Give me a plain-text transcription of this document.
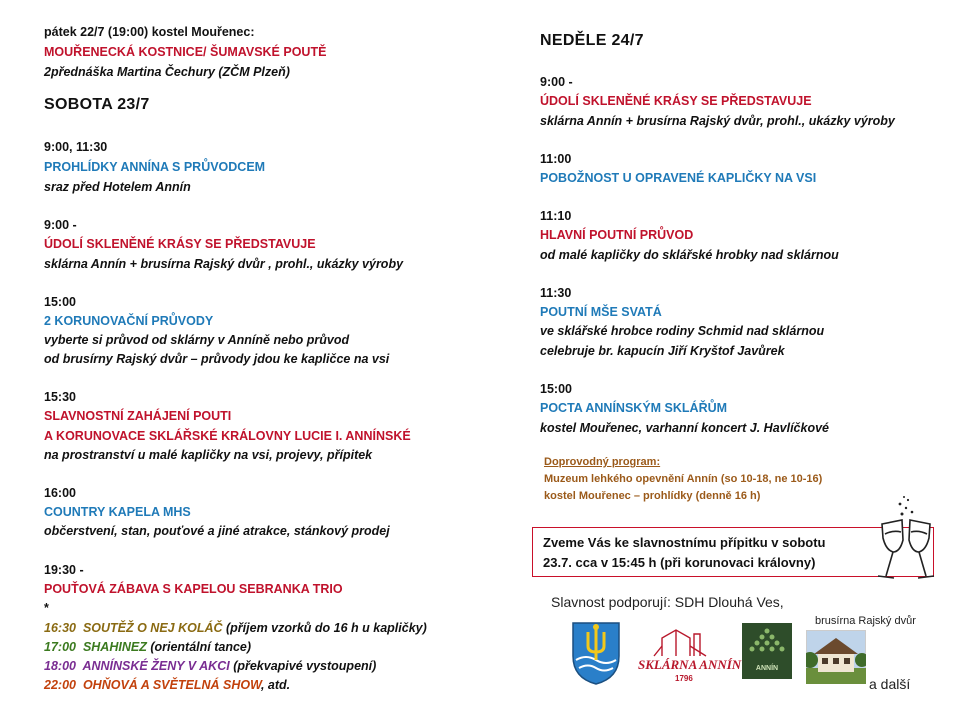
pátek 22/7 (19:00) kostel Mouřenec:
MOUŘENECKÁ KOSTNICE/ ŠUMAVSKÉ POUTĚ
2přednáška Martina Čechury (ZČM Plzeň)
SOBOTA 23/7
9:00, 11:30
PROHLÍDKY ANNÍNA S PRŮVODCEM
sraz před Hotelem Annín
9:00 -
ÚDOLÍ SKLENĚNÉ KRÁSY SE PŘEDSTAVUJE
sklárna Annín + brusírna Rajský dvůr , prohl., ukázky výroby
15:00
2 KORUNOVAČNÍ PRŮVODY
vyberte si průvod od sklárny v Anníně nebo průvod
od brusírny Rajský dvůr – průvody jdou ke kapličce na vsi
15:30
SLAVNOSTNÍ ZAHÁJENÍ POUTI
A KORUNOVACE SKLÁŘSKÉ KRÁLOVNY LUCIE I. ANNÍNSKÉ
na prostranství u malé kapličky na vsi, projevy, přípitek
16:00
COUNTRY KAPELA MHS
občerstvení, stan, pouťové a jiné atrakce, stánkový prodej
19:30 -
POUŤOVÁ ZÁBAVA S KAPELOU SEBRANKA TRIO
*
16:30 SOUTĚŽ O NEJ KOLÁČ (příjem vzorků do 16 h u kapličky)
17:00 SHAHINEZ (orientální tance)
18:00 ANNÍNSKÉ ŽENY V AKCI (překvapivé vystoupení)
22:00 OHŇOVÁ A SVĚTELNÁ SHOW, atd.
NEDĚLE 24/7
9:00 -
ÚDOLÍ SKLENĚNÉ KRÁSY SE PŘEDSTAVUJE
sklárna Annín + brusírna Rajský dvůr, prohl., ukázky výroby
11:00
POBOŽNOST U OPRAVENÉ KAPLIČKY NA VSI
11:10
HLAVNÍ POUTNÍ PRŮVOD
od malé kapličky do sklářské hrobky nad sklárnou
11:30
POUTNÍ MŠE SVATÁ
ve sklářské hrobce rodiny Schmid nad sklárnou
celebruje br. kapucín Jiří Kryštof Javůrek
15:00
POCTA ANNÍNSKÝM SKLÁŘŮM
kostel Mouřenec, varhanní koncert J. Havlíčkové
Doprovodný program:
Muzeum lehkého opevnění Annín (so 10-18, ne 10-16)
kostel Mouřenec – prohlídky (denně 16 h)
Zveme Vás ke slavnostnímu přípitku v sobotu
23.7. cca v 15:45 h (při korunovaci královny)
Slavnost podporují: SDH Dlouhá Ves,
brusírna Rajský dvůr
SKLÁRNA ANNÍN
1796
ANNÍN
a další
